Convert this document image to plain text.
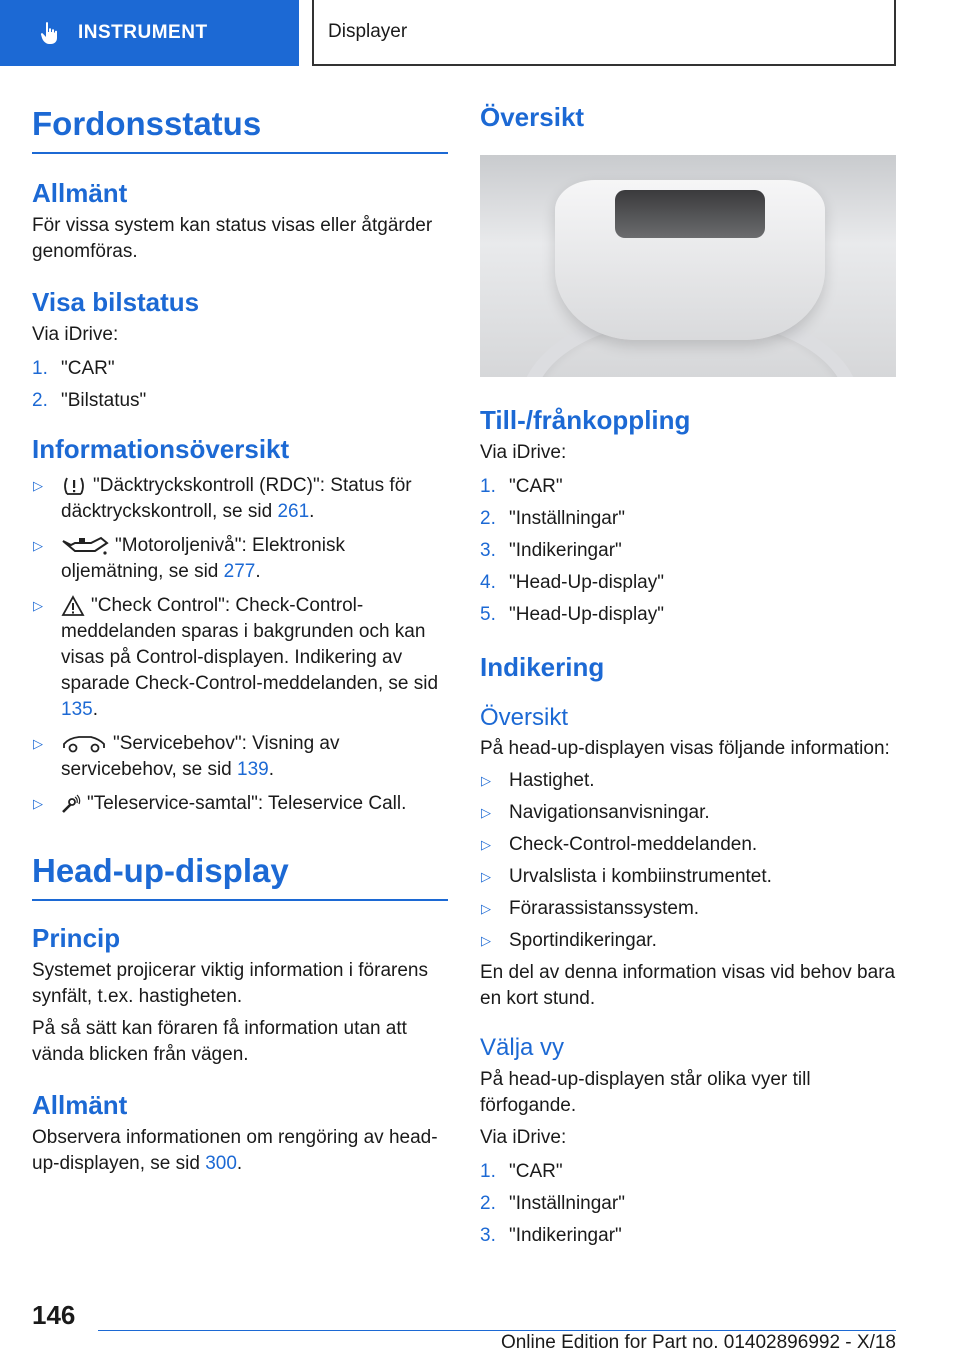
INSTRUMENT	Displayer
Fordonsstatus
Allmänt

För vissa system kan status visas eller åtgärder genomföras.

Visa bilstatus

Via iDrive:

1. "CAR"
2. "Bilstatus"
Informationsöversikt
▷	"Däcktryckskontroll (RDC)": Status för däcktryckskontroll, se sid 261.
▷	"Motoroljenivå": Elektronisk oljemätning, se sid 277.
▷	"Check Control": Check-Control-meddelanden sparas i bakgrunden och kan visas på Control-displayen. Indikering av sparade Check-Control-meddelanden, se sid 135.
▷	"Servicebehov": Visning av servicebehov, se sid 139.
▷ "Teleservice-samtal": Teleservice Call.
Head-up-display
Princip

Systemet projicerar viktig information i förarens synfält, t.ex. hastigheten.

På så sätt kan föraren få information utan att vända blicken från vägen.

Allmänt

Observera informationen om rengöring av head-up-displayen, se sid 300.

Översikt
Till-/frånkoppling

Via iDrive:

1. "CAR"
2. "Inställningar"
3. "Indikeringar"
4. "Head-Up-display"
5. "Head-Up-display"
Indikering
Översikt

På head-up-displayen visas följande information:

▷ Hastighet.
▷ Navigationsanvisningar.
▷ Check-Control-meddelanden.
▷ Urvalslista i kombiinstrumentet.
▷ Förarassistanssystem.
▷ Sportindikeringar.

En del av denna information visas vid behov bara en kort stund.

Välja vy

På head-up-displayen står olika vyer till förfogande.

Via iDrive:

1. "CAR"
2. "Inställningar"
3. "Indikeringar"
146
Online Edition for Part no. 01402896992 - X/18
